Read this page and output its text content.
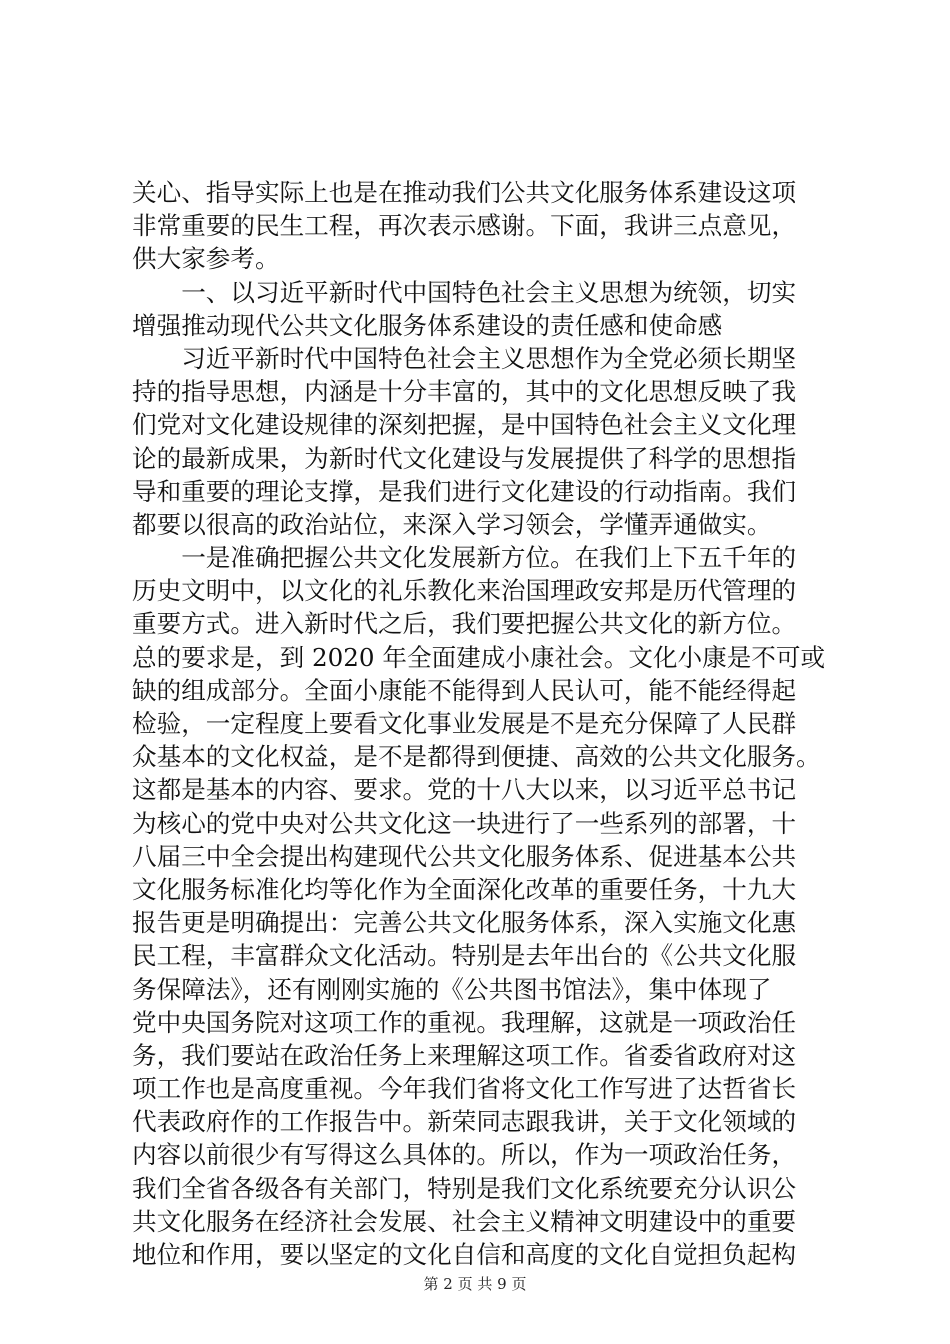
关心、指导实际上也是在推动我们公共文化服务体系建设这项
非常重要的民生工程，再次表示感谢。下面，我讲三点意见，
供大家参考。
　　一、以习近平新时代中国特色社会主义思想为统领，切实
增强推动现代公共文化服务体系建设的责任感和使命感
　　习近平新时代中国特色社会主义思想作为全党必须长期坚
持的指导思想，内涵是十分丰富的，其中的文化思想反映了我
们党对文化建设规律的深刻把握，是中国特色社会主义文化理
论的最新成果，为新时代文化建设与发展提供了科学的思想指
导和重要的理论支撑，是我们进行文化建设的行动指南。我们
都要以很高的政治站位，来深入学习领会，学懂弄通做实。
　　一是准确把握公共文化发展新方位。在我们上下五千年的
历史文明中，以文化的礼乐教化来治国理政安邦是历代管理的
重要方式。进入新时代之后，我们要把握公共文化的新方位。
总的要求是，到 2020 年全面建成小康社会。文化小康是不可或
缺的组成部分。全面小康能不能得到人民认可，能不能经得起
检验，一定程度上要看文化事业发展是不是充分保障了人民群
众基本的文化权益，是不是都得到便捷、高效的公共文化服务。
这都是基本的内容、要求。党的十八大以来，以习近平总书记
为核心的党中央对公共文化这一块进行了一些系列的部署，十
八届三中全会提出构建现代公共文化服务体系、促进基本公共
文化服务标准化均等化作为全面深化改革的重要任务，十九大
报告更是明确提出：完善公共文化服务体系，深入实施文化惠
民工程，丰富群众文化活动。特别是去年出台的《公共文化服
务保障法》，还有刚刚实施的《公共图书馆法》，集中体现了
党中央国务院对这项工作的重视。我理解，这就是一项政治任
务，我们要站在政治任务上来理解这项工作。省委省政府对这
项工作也是高度重视。今年我们省将文化工作写进了达哲省长
代表政府作的工作报告中。新荣同志跟我讲，关于文化领域的
内容以前很少有写得这么具体的。所以，作为一项政治任务，
我们全省各级各有关部门，特别是我们文化系统要充分认识公
共文化服务在经济社会发展、社会主义精神文明建设中的重要
地位和作用，要以坚定的文化自信和高度的文化自觉担负起构
第 2 页 共 9 页
